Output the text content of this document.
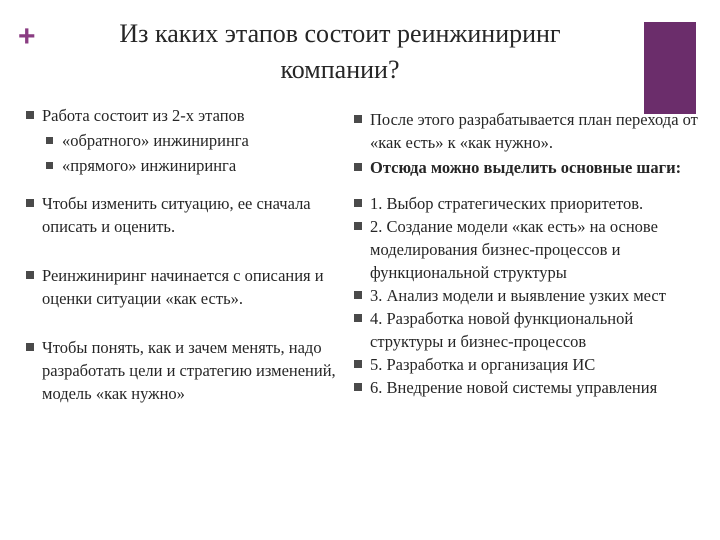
+	Из каких этапов состоит реинжиниринг
компании?
Работа состоит из 2-х этапов
«обратного» инжиниринга
«прямого» инжиниринга
Чтобы изменить ситуацию, ее сначала описать и оценить.
Реинжиниринг начинается с описания и оценки ситуации «как есть».
Чтобы понять, как и зачем менять, надо разработать цели и стратегию изменений, модель «как нужно»
После этого разрабатывается план перехода от «как есть» к «как нужно».
Отсюда можно выделить основные шаги:
1. Выбор стратегических приоритетов.
2. Создание модели «как есть» на основе моделирования бизнес-процессов и функциональной структуры
3. Анализ модели и выявление узких мест
4. Разработка новой функциональной структуры и бизнес-процессов
5. Разработка и организация ИС
6. Внедрение новой системы управления
